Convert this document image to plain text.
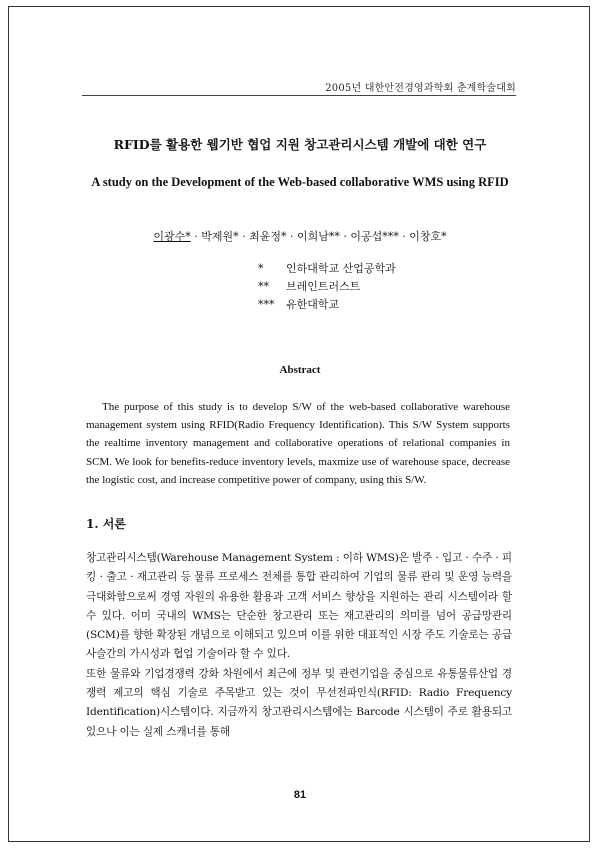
2005년 대한안전경영과학회 춘계학술대회
RFID를 활용한 웹기반 협업 지원 창고관리시스템 개발에 대한 연구
A study on the Development of the Web-based collaborative WMS using RFID
이광수* · 박제원* · 최윤정* · 이희남** · 이공섭*** · 이창호*
* 인하대학교 산업공학과
** 브레인트러스트
*** 유한대학교
Abstract

The purpose of this study is to develop S/W of the web-based collaborative warehouse management system using RFID(Radio Frequency Identification). This S/W System supports the realtime inventory management and collaborative operations of relational companies in SCM. We look for benefits-reduce inventory levels, maxmize use of warehouse space, decrease the logistic cost, and increase competitive power of company, using this S/W.

1. 서론

창고관리시스템(Warehouse Management System : 이하 WMS)은 발주 · 입고 · 수주 · 피킹 · 출고 · 재고관리 등 물류 프로세스 전체를 통합 관리하여 기업의 물류 관리 및 운영 능력을 극대화함으로써 경영 자원의 유용한 활용과 고객 서비스 향상을 지원하는 관리 시스템이라 할 수 있다. 이미 국내의 WMS는 단순한 창고관리 또는 재고관리의 의미를 넘어 공급망관리(SCM)를 향한 확장된 개념으로 이해되고 있으며 이를 위한 대표적인 시장 주도 기술로는 공급사슬간의 가시성과 협업 기술이라 할 수 있다.

또한 물류와 기업경쟁력 강화 차원에서 최근에 정부 및 관련기업을 중심으로 유통물류산업 경쟁력 제고의 핵심 기술로 주목받고 있는 것이 무선전파인식(RFID: Radio Frequency Identification)시스템이다. 지금까지 창고관리시스템에는 Barcode 시스템이 주로 활용되고 있으나 이는 실제 스캐너를 통해

81
